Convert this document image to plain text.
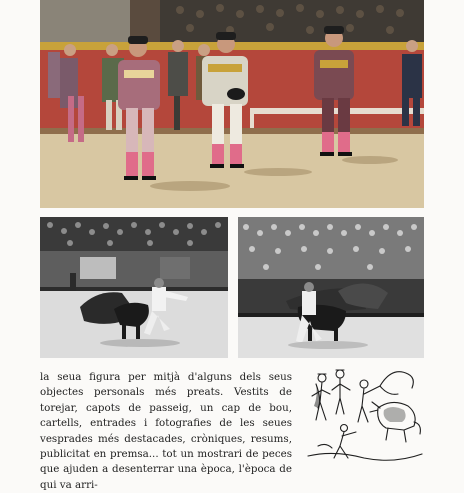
la seua figura per mitjà d'alguns dels seus objectes personals més preats. Vestits de torejar, capots de passeig, un cap de bou, cartells, entrades i fotografies de les seues vesprades més destacades, cròniques, resums, publicitat en premsa... tot un mostrari de peces que ajuden a desenterrar una època, l'època de qui va arri-
